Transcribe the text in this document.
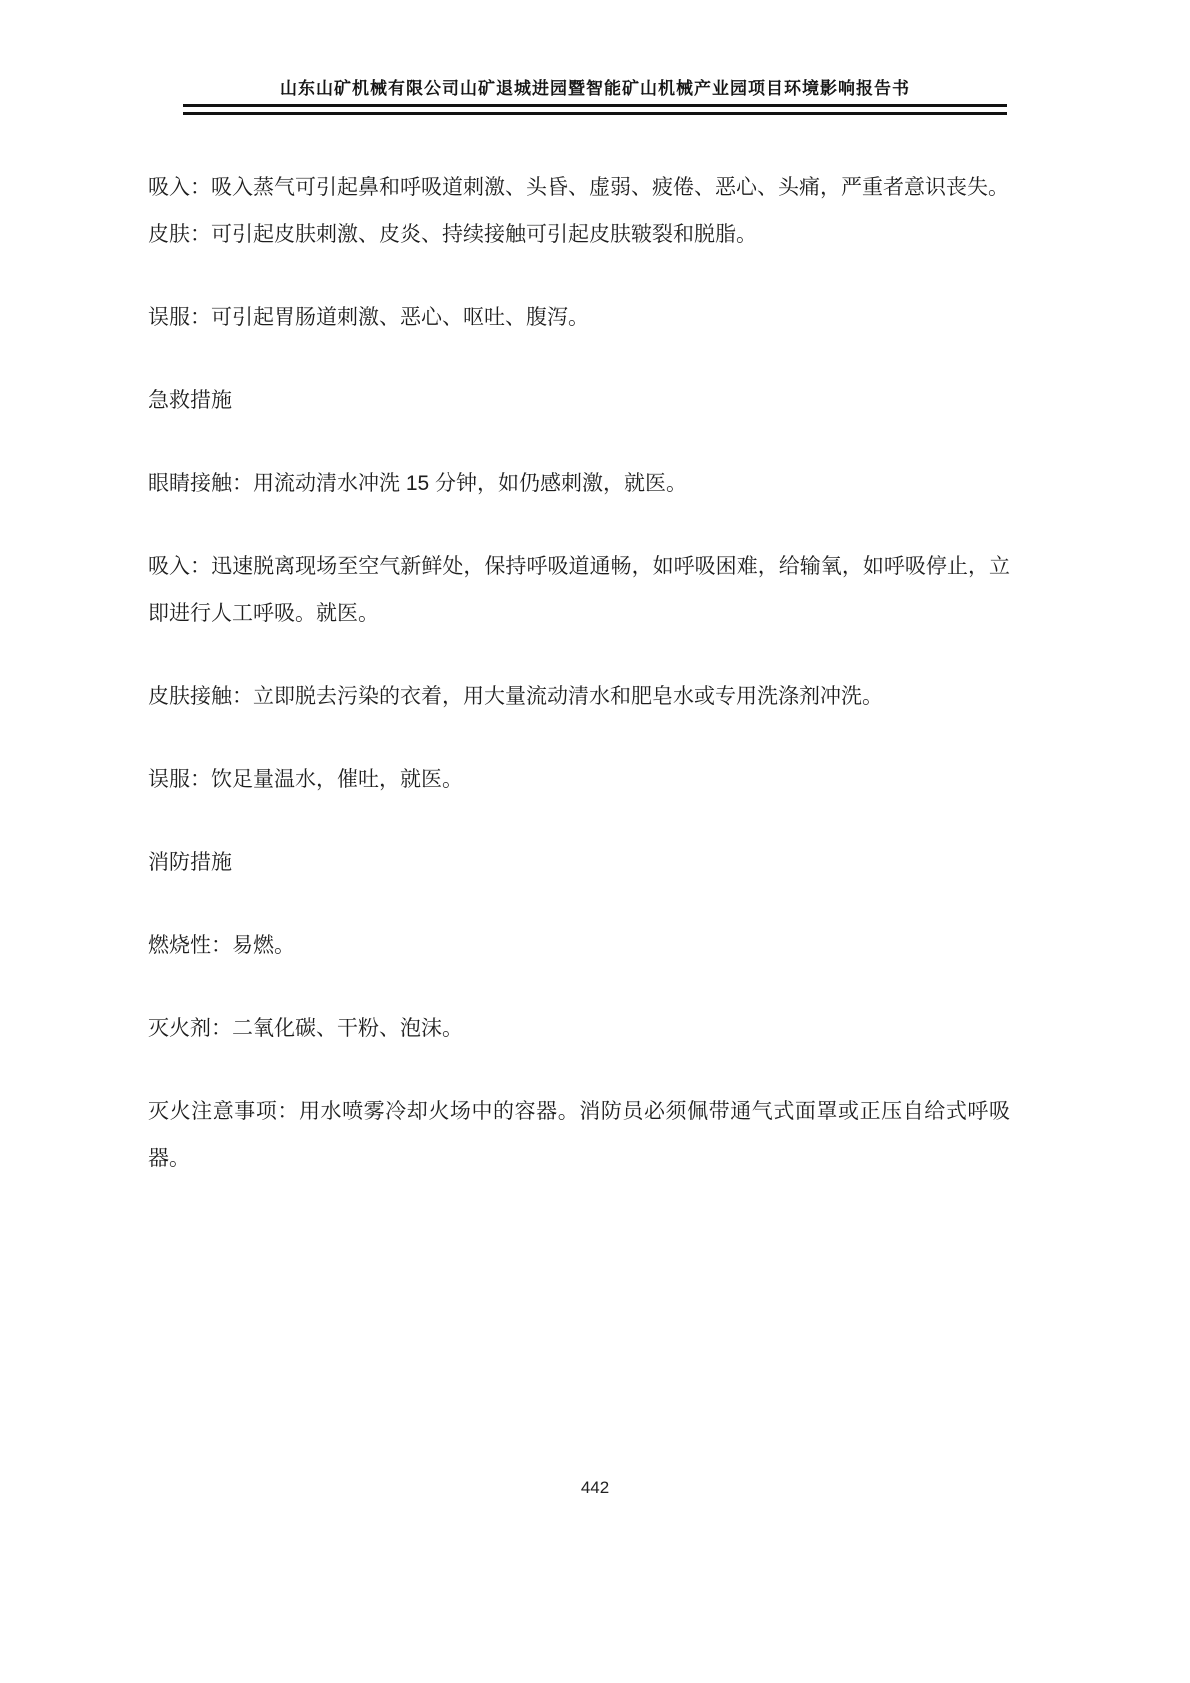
山东山矿机械有限公司山矿退城进园暨智能矿山机械产业园项目环境影响报告书

吸入：吸入蒸气可引起鼻和呼吸道刺激、头昏、虚弱、疲倦、恶心、头痛，严重者意识丧失。

皮肤：可引起皮肤刺激、皮炎、持续接触可引起皮肤皲裂和脱脂。

误服：可引起胃肠道刺激、恶心、呕吐、腹泻。

急救措施

眼睛接触：用流动清水冲洗 15 分钟，如仍感刺激，就医。

吸入：迅速脱离现场至空气新鲜处，保持呼吸道通畅，如呼吸困难，给输氧，如呼吸停止，立即进行人工呼吸。就医。

皮肤接触：立即脱去污染的衣着，用大量流动清水和肥皂水或专用洗涤剂冲洗。

误服：饮足量温水，催吐，就医。

消防措施

燃烧性：易燃。

灭火剂：二氧化碳、干粉、泡沫。

灭火注意事项：用水喷雾冷却火场中的容器。消防员必须佩带通气式面罩或正压自给式呼吸器。

442
